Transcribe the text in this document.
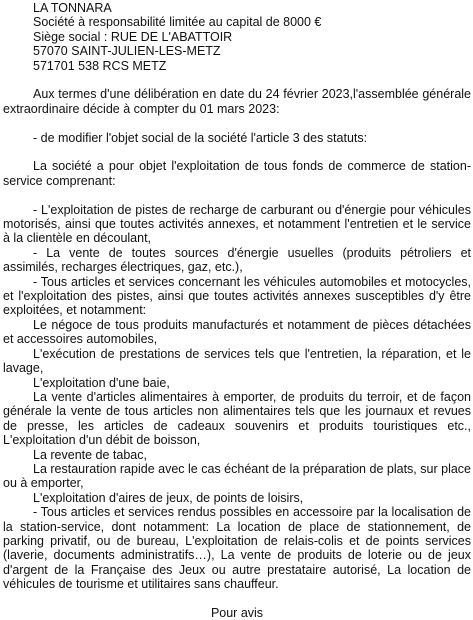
LA TONNARA

Société à responsabilité limitée au capital de 8000 €

Siège social : RUE DE L'ABATTOIR

57070 SAINT-JULIEN-LES-METZ

571701 538 RCS METZ

Aux termes d'une délibération en date du 24 février 2023,l'assemblée générale extraordinaire décide à compter du 01 mars 2023:

- de modifier l'objet social de la société l'article 3 des statuts:

La société a pour objet l'exploitation de tous fonds de commerce de station-service comprenant:

- L'exploitation de pistes de recharge de carburant ou d'énergie pour véhicules motorisés, ainsi que toutes activités annexes, et notamment l'entretien et le service à la clientèle en découlant,

- La vente de toutes sources d'énergie usuelles (produits pétroliers et assimilés, recharges électriques, gaz, etc.),

- Tous articles et services concernant les véhicules automobiles et motocycles, et l'exploitation des pistes, ainsi que toutes activités annexes susceptibles d'y être exploitées, et notamment:

Le négoce de tous produits manufacturés et notamment de pièces détachées et accessoires automobiles,

L'exécution de prestations de services tels que l'entretien, la réparation, et le lavage,

L'exploitation d'une baie,

La vente d'articles alimentaires à emporter, de produits du terroir, et de façon générale la vente de tous articles non alimentaires tels que les journaux et revues de presse, les articles de cadeaux souvenirs et produits touristiques etc., L'exploitation d'un débit de boisson,

La revente de tabac,

La restauration rapide avec le cas échéant de la préparation de plats, sur place ou à emporter,

L'exploitation d'aires de jeux, de points de loisirs,

- Tous articles et services rendus possibles en accessoire par la localisation de la station-service, dont notamment: La location de place de stationnement, de parking privatif, ou de bureau, L'exploitation de relais-colis et de points services (laverie, documents administratifs…), La vente de produits de loterie ou de jeux d'argent de la Française des Jeux ou autre prestataire autorisé, La location de véhicules de tourisme et utilitaires sans chauffeur.

Pour avis
